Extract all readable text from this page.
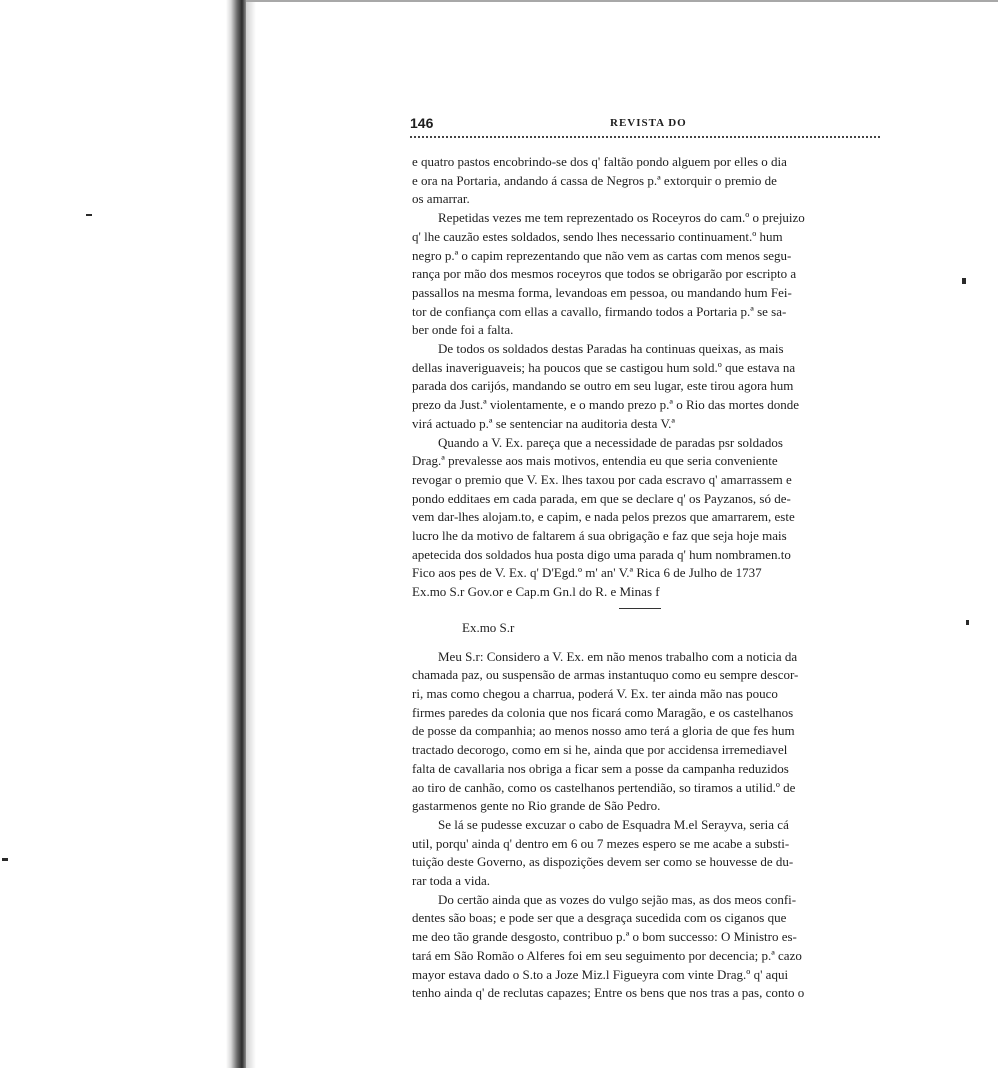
146	REVISTA DO
e quatro pastos encobrindo-se dos q' faltão pondo alguem por elles o dia
e ora na Portaria, andando á cassa de Negros p.ª extorquir o premio de
os amarrar.
Repetidas vezes me tem reprezentado os Roceyros do cam.º o prejuizo
q' lhe cauzão estes soldados, sendo lhes necessario continuament.º hum
negro p.ª o capim reprezentando que não vem as cartas com menos segu-
rança por mão dos mesmos roceyros que todos se obrigarão por escripto a
passallos na mesma forma, levandoas em pessoa, ou mandando hum Fei-
tor de confiança com ellas a cavallo, firmando todos a Portaria p.ª se sa-
ber onde foi a falta.
De todos os soldados destas Paradas ha continuas queixas, as mais
dellas inaveriguaveis; ha poucos que se castigou hum sold.º que estava na
parada dos carijós, mandando se outro em seu lugar, este tirou agora hum
prezo da Just.ª violentamente, e o mando prezo p.ª o Rio das mortes donde
virá actuado p.ª se sentenciar na auditoria desta V.ª
Quando a V. Ex. pareça que a necessidade de paradas psr soldados
Drag.ª prevalesse aos mais motivos, entendia eu que seria conveniente
revogar o premio que V. Ex. lhes taxou por cada escravo q' amarrassem e
pondo edditaes em cada parada, em que se declare q' os Payzanos, só de-
vem dar-lhes alojam.to, e capim, e nada pelos prezos que amarrarem, este
lucro lhe da motivo de faltarem á sua obrigação e faz que seja hoje mais
apetecida dos soldados hua posta digo uma parada q' hum nombramen.to
Fico aos pes de V. Ex. q' D'Egd.º m' an' V.ª Rica 6 de Julho de 1737
Ex.mo S.r Gov.or e Cap.m Gn.l do R. e Minas f
Ex.mo S.r
Meu S.r: Considero a V. Ex. em não menos trabalho com a noticia da
chamada paz, ou suspensão de armas instantuquo como eu sempre descor-
ri, mas como chegou a charrua, poderá V. Ex. ter ainda mão nas pouco
firmes paredes da colonia que nos ficará como Maragão, e os castelhanos
de posse da companhia; ao menos nosso amo terá a gloria de que fes hum
tractado decorogo, como em si he, ainda que por accidensa irremediavel
falta de cavallaria nos obriga a ficar sem a posse da campanha reduzidos
ao tiro de canhão, como os castelhanos pertendião, so tiramos a utilid.º de
gastarmenos gente no Rio grande de São Pedro.
Se lá se pudesse excuzar o cabo de Esquadra M.el Serayva, seria cá
util, porqu' ainda q' dentro em 6 ou 7 mezes espero se me acabe a substi-
tuição deste Governo, as dispozições devem ser como se houvesse de du-
rar toda a vida.
Do certão ainda que as vozes do vulgo sejão mas, as dos meos confi-
dentes são boas; e pode ser que a desgraça sucedida com os ciganos que
me deo tão grande desgosto, contribuo p.ª o bom successo: O Ministro es-
tará em São Romão o Alferes foi em seu seguimento por decencia; p.ª cazo
mayor estava dado o S.to a Joze Miz.l Figueyra com vinte Drag.º q' aqui
tenho ainda q' de reclutas capazes; Entre os bens que nos tras a pas, conto o
